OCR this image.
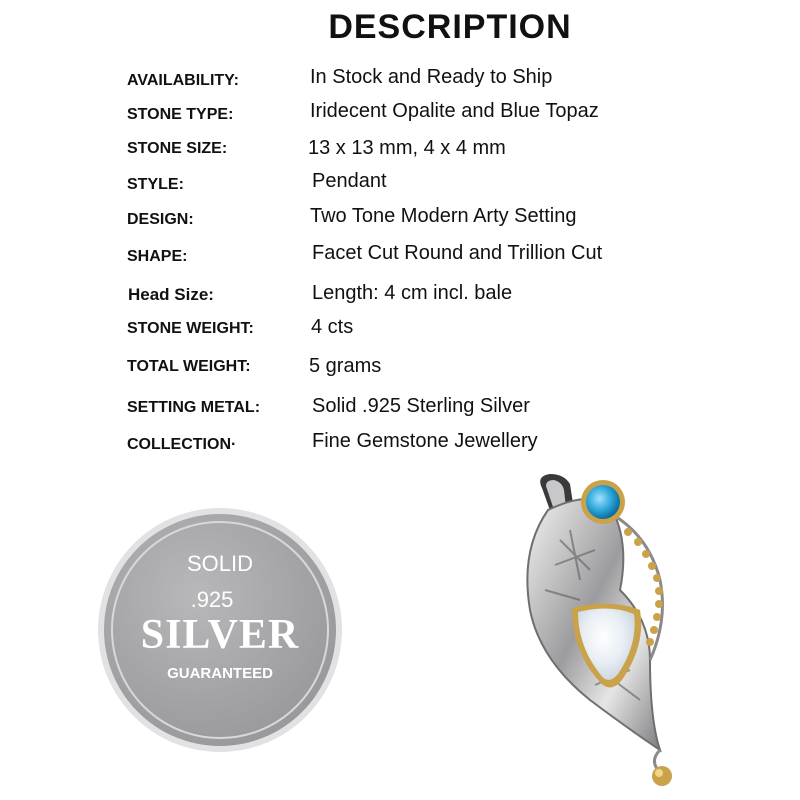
DESCRIPTION
AVAILABILITY:	In Stock and Ready to Ship
STONE TYPE:	Iridecent Opalite and Blue Topaz
STONE SIZE:	13 x 13 mm, 4 x 4 mm
STYLE:	Pendant
DESIGN:	Two Tone Modern Arty Setting
SHAPE:	Facet Cut Round and Trillion Cut
Head Size:	Length: 4 cm incl. bale
STONE WEIGHT:	4 cts
TOTAL WEIGHT:	5 grams
SETTING METAL:	Solid .925 Sterling Silver
COLLECTION·	Fine Gemstone Jewellery
SOLID
.925
SILVER
GUARANTEED
